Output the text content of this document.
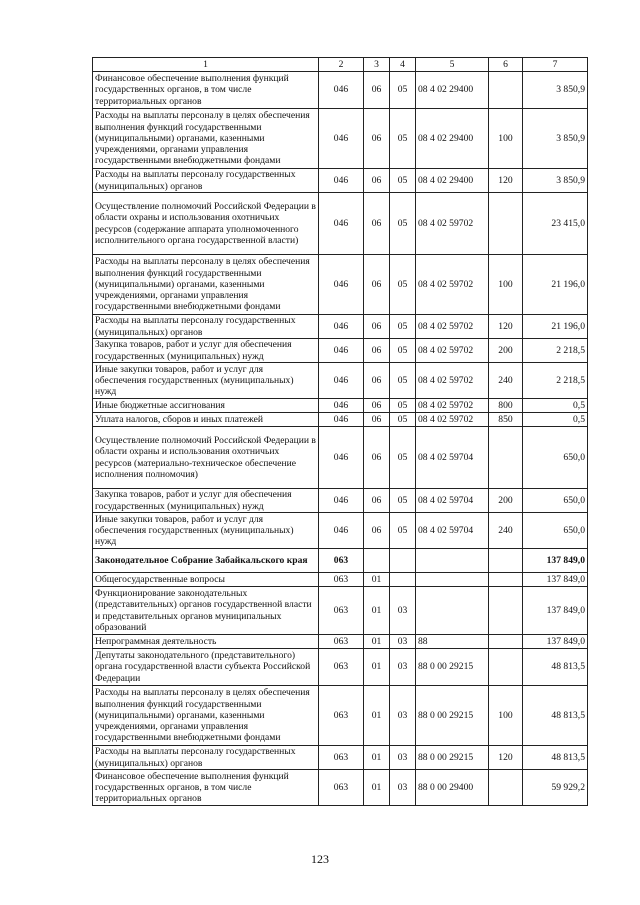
1	2	3	4	5	6	7
Финансовое обеспечение выполнения функций государственных органов, в том числе территориальных органов	046	06	05	08 4 02 29400		3 850,9
Расходы на выплаты персоналу в целях обеспечения выполнения функций государственными (муниципальными) органами, казенными учреждениями, органами управления государственными внебюджетными фондами	046	06	05	08 4 02 29400	100	3 850,9
Расходы на выплаты персоналу государственных (муниципальных) органов	046	06	05	08 4 02 29400	120	3 850,9
Осуществление полномочий Российской Федерации в области охраны и использования охотничьих ресурсов (содержание аппарата уполномоченного исполнительного органа государственной власти)	046	06	05	08 4 02 59702		23 415,0
Расходы на выплаты персоналу в целях обеспечения выполнения функций государственными (муниципальными) органами, казенными учреждениями, органами управления государственными внебюджетными фондами	046	06	05	08 4 02 59702	100	21 196,0
Расходы на выплаты персоналу государственных (муниципальных) органов	046	06	05	08 4 02 59702	120	21 196,0
Закупка товаров, работ и услуг для обеспечения государственных (муниципальных) нужд	046	06	05	08 4 02 59702	200	2 218,5
Иные закупки товаров, работ и услуг для обеспечения государственных (муниципальных) нужд	046	06	05	08 4 02 59702	240	2 218,5
Иные бюджетные ассигнования	046	06	05	08 4 02 59702	800	0,5
Уплата налогов, сборов и иных платежей	046	06	05	08 4 02 59702	850	0,5
Осуществление полномочий Российской Федерации в области охраны и использования охотничьих ресурсов (материально-техническое обеспечение исполнения полномочия)	046	06	05	08 4 02 59704		650,0
Закупка товаров, работ и услуг для обеспечения государственных (муниципальных) нужд	046	06	05	08 4 02 59704	200	650,0
Иные закупки товаров, работ и услуг для обеспечения государственных (муниципальных) нужд	046	06	05	08 4 02 59704	240	650,0
Законодательное Собрание Забайкальского края	063					137 849,0
Общегосударственные вопросы	063	01				137 849,0
Функционирование законодательных (представительных) органов государственной власти и представительных органов муниципальных образований	063	01	03			137 849,0
Непрограммная деятельность	063	01	03	88		137 849,0
Депутаты законодательного (представительного) органа государственной власти субъекта Российской Федерации	063	01	03	88 0 00 29215		48 813,5
Расходы на выплаты персоналу в целях обеспечения выполнения функций государственными (муниципальными) органами, казенными учреждениями, органами управления государственными внебюджетными фондами	063	01	03	88 0 00 29215	100	48 813,5
Расходы на выплаты персоналу государственных (муниципальных) органов	063	01	03	88 0 00 29215	120	48 813,5
Финансовое обеспечение выполнения функций государственных органов, в том числе территориальных органов	063	01	03	88 0 00 29400		59 929,2
123
